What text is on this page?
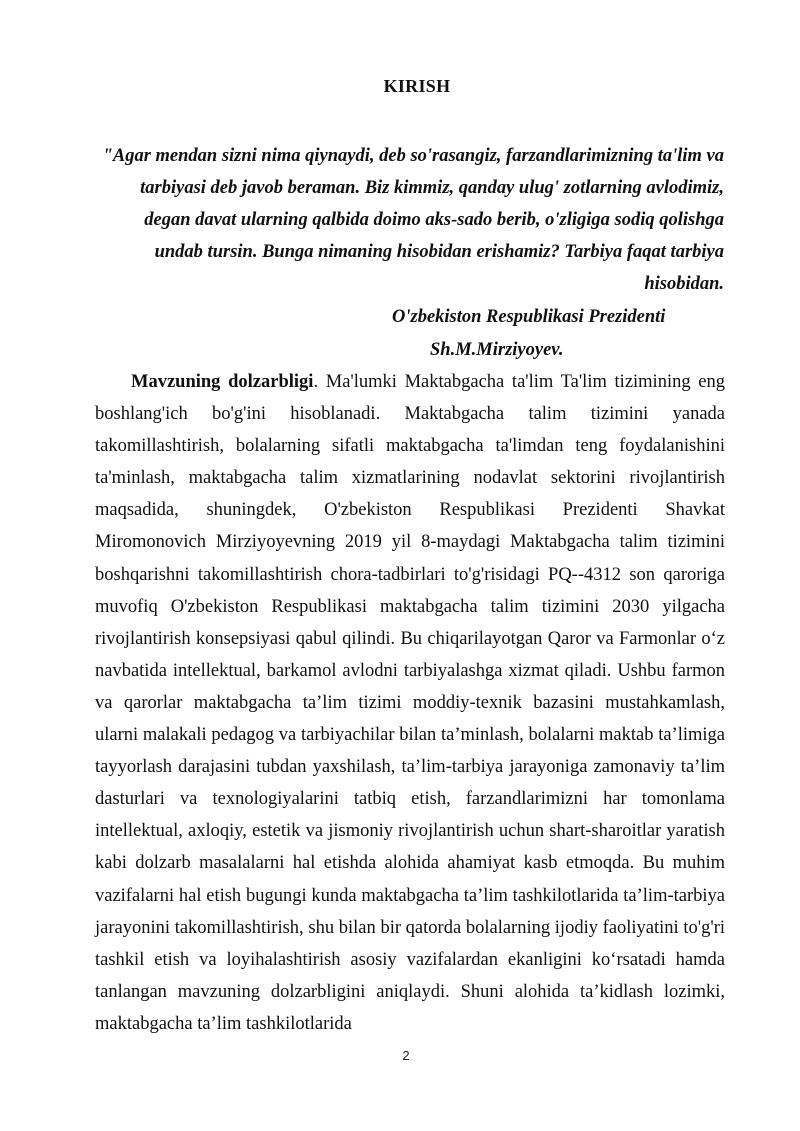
KIRISH

"Agar mendan sizni nima qiynaydi, deb so'rasangiz, farzandlarimizning ta'lim va tarbiyasi deb javob beraman. Biz kimmiz, qanday ulug' zotlarning avlodimiz, degan davat ularning qalbida doimo aks-sado berib, o'zligiga sodiq qolishga undab tursin. Bunga nimaning hisobidan erishamiz? Tarbiya faqat tarbiya hisobidan.

O'zbekiston Respublikasi Prezidenti
Sh.M.Mirziyoyev.

Mavzuning dolzarbligi. Ma'lumki Maktabgacha ta'lim Ta'lim tizimining eng boshlang'ich bo'g'ini hisoblanadi. Maktabgacha talim tizimini yanada takomillashtirish, bolalarning sifatli maktabgacha ta'limdan teng foydalanishini ta'minlash, maktabgacha talim xizmatlarining nodavlat sektorini rivojlantirish maqsadida, shuningdek, O'zbekiston Respublikasi Prezidenti Shavkat Miromonovich Mirziyoyevning 2019 yil 8-maydagi Maktabgacha talim tizimini boshqarishni takomillashtirish chora-tadbirlari to'g'risidagi PQ--4312 son qaroriga muvofiq O'zbekiston Respublikasi maktabgacha talim tizimini 2030 yilgacha rivojlantirish konsepsiyasi qabul qilindi. Bu chiqarilayotgan Qaror va Farmonlar o‘z navbatida intellektual, barkamol avlodni tarbiyalashga xizmat qiladi. Ushbu farmon va qarorlar maktabgacha ta’lim tizimi moddiy-texnik bazasini mustahkamlash, ularni malakali pedagog va tarbiyachilar bilan ta’minlash, bolalarni maktab ta’limiga tayyorlash darajasini tubdan yaxshilash, ta’lim-tarbiya jarayoniga zamonaviy ta’lim dasturlari va texnologiyalarini tatbiq etish, farzandlarimizni har tomonlama intellektual, axloqiy, estetik va jismoniy rivojlantirish uchun shart-sharoitlar yaratish kabi dolzarb masalalarni hal etishda alohida ahamiyat kasb etmoqda. Bu muhim vazifalarni hal etish bugungi kunda maktabgacha ta’lim tashkilotlarida ta’lim-tarbiya jarayonini takomillashtirish, shu bilan bir qatorda bolalarning ijodiy faoliyatini to'g'ri tashkil etish va loyihalashtirish asosiy vazifalardan ekanligini ko‘rsatadi hamda tanlangan mavzuning dolzarbligini aniqlaydi. Shuni alohida ta’kidlash lozimki, maktabgacha ta’lim tashkilotlarida

2
